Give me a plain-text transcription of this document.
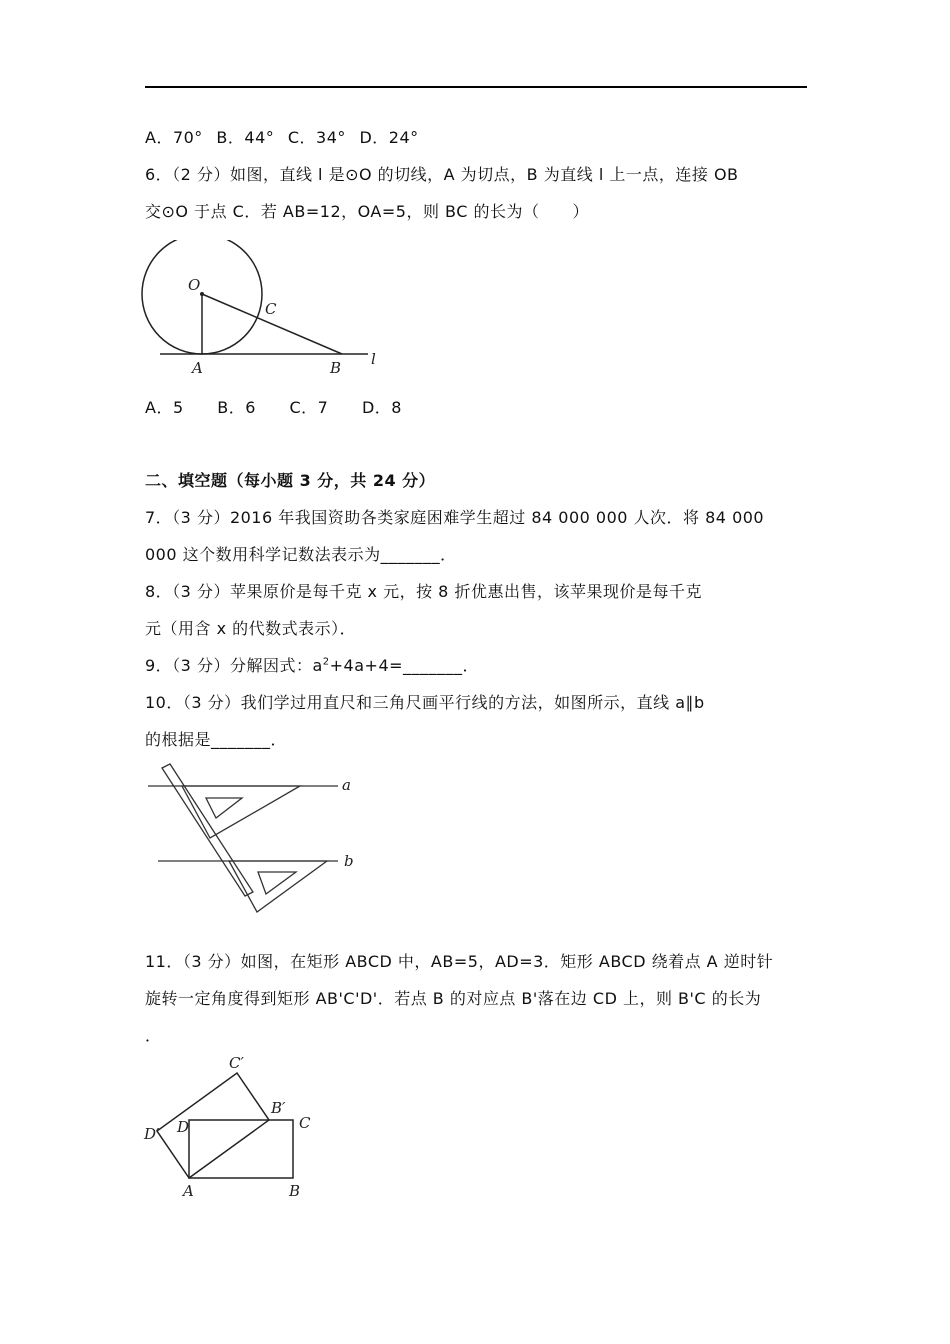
A．70° B．44° C．34° D．24°
6．（2 分）如图，直线 l 是⊙O 的切线，A 为切点，B 为直线 l 上一点，连接 OB
交⊙O 于点 C．若 AB=12，OA=5，则 BC 的长为（　　）
O
C
A	B l
A．5 B．6 C．7 D．8
二、填空题（每小题 3 分，共 24 分）
7．（3 分）2016 年我国资助各类家庭困难学生超过 84 000 000 人次．将 84 000
000 这个数用科学记数法表示为_______．
8．（3 分）苹果原价是每千克 x 元，按 8 折优惠出售，该苹果现价是每千克
元（用含 x 的代数式表示）．
9．（3 分）分解因式：$a^2+4a+4=\_\_\_\_\_\_\_$．
10．（3 分）我们学过用直尺和三角尺画平行线的方法，如图所示，直线 a∥b
的根据是_______．
a
b
11．（3 分）如图，在矩形 ABCD 中，AB=5，AD=3．矩形 ABCD 绕着点 A 逆时针
旋转一定角度得到矩形 AB'C'D'．若点 B 的对应点 B'落在边 CD 上，则 B'C 的长为
．
C′
B′
C
D′ D
A	B
